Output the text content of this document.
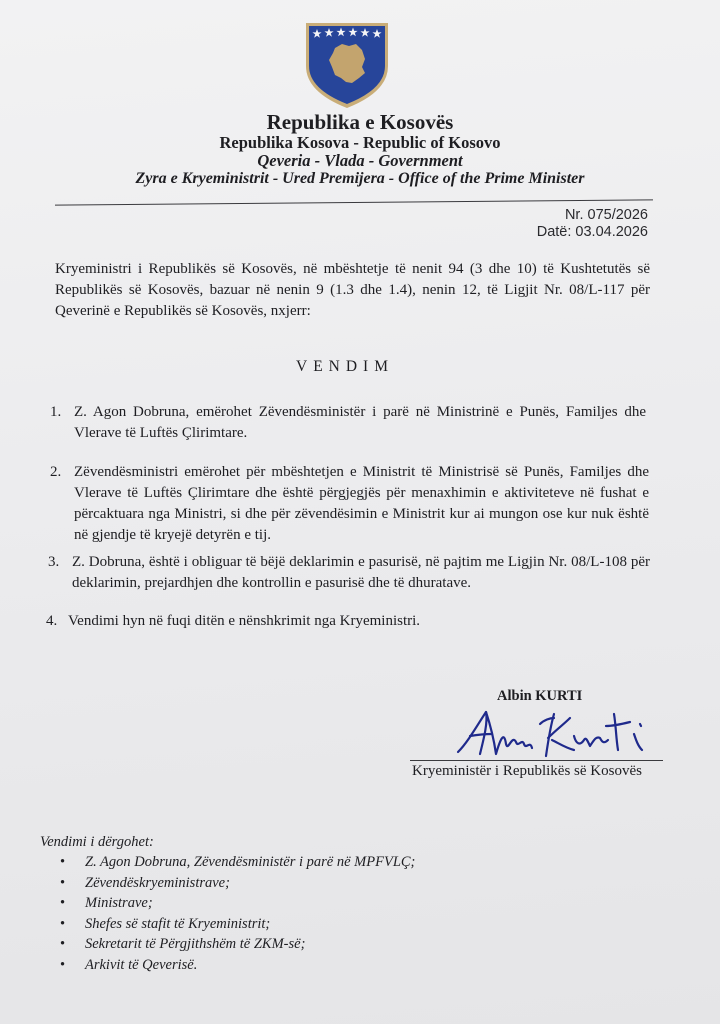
Republika e Kosovës
Republika Kosova - Republic of Kosovo
Qeveria - Vlada - Government
Zyra e Kryeministrit - Ured Premijera - Office of the Prime Minister
Nr. 075/2026
Datë: 03.04.2026
Kryeministri i Republikës së Kosovës, në mbështetje të nenit 94 (3 dhe 10) të Kushtetutës së Republikës së Kosovës, bazuar në nenin 9 (1.3 dhe 1.4), nenin 12, të Ligjit Nr. 08/L-117 për Qeverinë e Republikës së Kosovës, nxjerr:
VENDIM
1. Z. Agon Dobruna, emërohet Zëvendësministër i parë në Ministrinë e Punës, Familjes dhe Vlerave të Luftës Çlirimtare.
2. Zëvendësministri emërohet për mbështetjen e Ministrit të Ministrisë së Punës, Familjes dhe Vlerave të Luftës Çlirimtare dhe është përgjegjës për menaxhimin e aktiviteteve në fushat e përcaktuara nga Ministri, si dhe për zëvendësimin e Ministrit kur ai mungon ose kur nuk është në gjendje të kryejë detyrën e tij.
3. Z. Dobruna, është i obliguar të bëjë deklarimin e pasurisë, në pajtim me Ligjin Nr. 08/L-108 për deklarimin, prejardhjen dhe kontrollin e pasurisë dhe të dhuratave.
4. Vendimi hyn në fuqi ditën e nënshkrimit nga Kryeministri.
Albin KURTI
Kryeministër i Republikës së Kosovës
Vendimi i dërgohet:
• Z. Agon Dobruna, Zëvendësministër i parë në MPFVLÇ;
• Zëvendëskryeministrave;
• Ministrave;
• Shefes së stafit të Kryeministrit;
• Sekretarit të Përgjithshëm të ZKM-së;
• Arkivit të Qeverisë.
